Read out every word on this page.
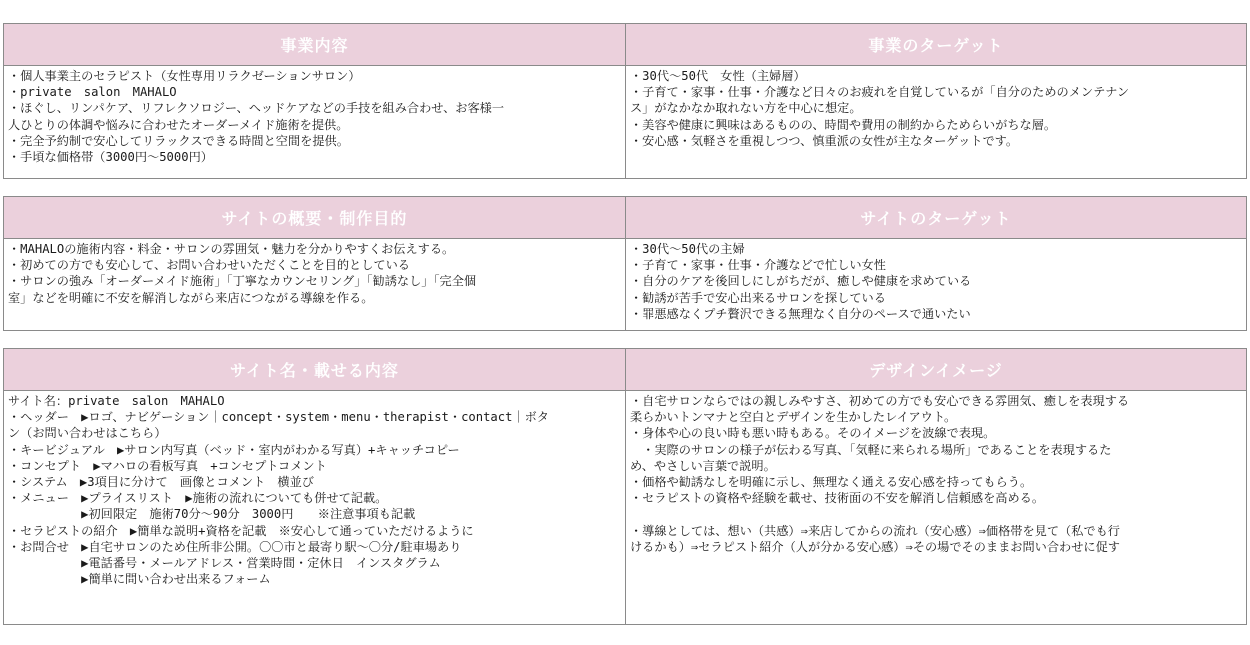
事業内容
・個人事業主のセラピスト（女性専用リラクゼーションサロン）
・private　salon　MAHALO
・ほぐし、リンパケア、リフレクソロジー、ヘッドケアなどの手技を組み合わせ、お客様一
人ひとりの体調や悩みに合わせたオーダーメイド施術を提供。
・完全予約制で安心してリラックスできる時間と空間を提供。
・手頃な価格帯（3000円～5000円）
事業のターゲット
・30代～50代　女性（主婦層）
・子育て・家事・仕事・介護など日々のお疲れを自覚しているが「自分のためのメンテナン
ス」がなかなか取れない方を中心に想定。
・美容や健康に興味はあるものの、時間や費用の制約からためらいがちな層。
・安心感・気軽さを重視しつつ、慎重派の女性が主なターゲットです。
サイトの概要・制作目的
・MAHALOの施術内容・料金・サロンの雰囲気・魅力を分かりやすくお伝えする。
・初めての方でも安心して、お問い合わせいただくことを目的としている
・サロンの強み「オーダーメイド施術」「丁寧なカウンセリング」「勧誘なし」「完全個
室」などを明確に不安を解消しながら来店につながる導線を作る。
サイトのターゲット
・30代～50代の主婦
・子育て・家事・仕事・介護などで忙しい女性
・自分のケアを後回しにしがちだが、癒しや健康を求めている
・勧誘が苦手で安心出来るサロンを探している
・罪悪感なくプチ贅沢できる無理なく自分のペースで通いたい
サイト名・載せる内容
サイト名：private　salon　MAHALO
・ヘッダー　▶ロゴ、ナビゲーション｜concept・system・menu・therapist・contact｜ボタ
ン（お問い合わせはこちら）
・キービジュアル　▶サロン内写真（ベッド・室内がわかる写真）+キャッチコピー
・コンセプト　▶マハロの看板写真　+コンセプトコメント
・システム　▶3項目に分けて　画像とコメント　横並び
・メニュー　▶プライスリスト　▶施術の流れについても併せて記載。
　　　　　　▶初回限定　施術70分～90分　3000円　　※注意事項も記載
・セラピストの紹介　▶簡単な説明+資格を記載　※安心して通っていただけるように
・お問合せ　▶自宅サロンのため住所非公開。〇〇市と最寄り駅～〇分/駐車場あり
　　　　　　▶電話番号・メールアドレス・営業時間・定休日　インスタグラム
　　　　　　▶簡単に問い合わせ出来るフォーム
デザインイメージ
・自宅サロンならではの親しみやすさ、初めての方でも安心できる雰囲気、癒しを表現する
柔らかいトンマナと空白とデザインを生かしたレイアウト。
・身体や心の良い時も悪い時もある。そのイメージを波線で表現。
　・実際のサロンの様子が伝わる写真、「気軽に来られる場所」であることを表現するた
め、やさしい言葉で説明。
・価格や勧誘なしを明確に示し、無理なく通える安心感を持ってもらう。
・セラピストの資格や経験を載せ、技術面の不安を解消し信頼感を高める。

・導線としては、想い（共感）⇒来店してからの流れ（安心感）⇒価格帯を見て（私でも行
けるかも）⇒セラピスト紹介（人が分かる安心感）⇒その場でそのままお問い合わせに促す
